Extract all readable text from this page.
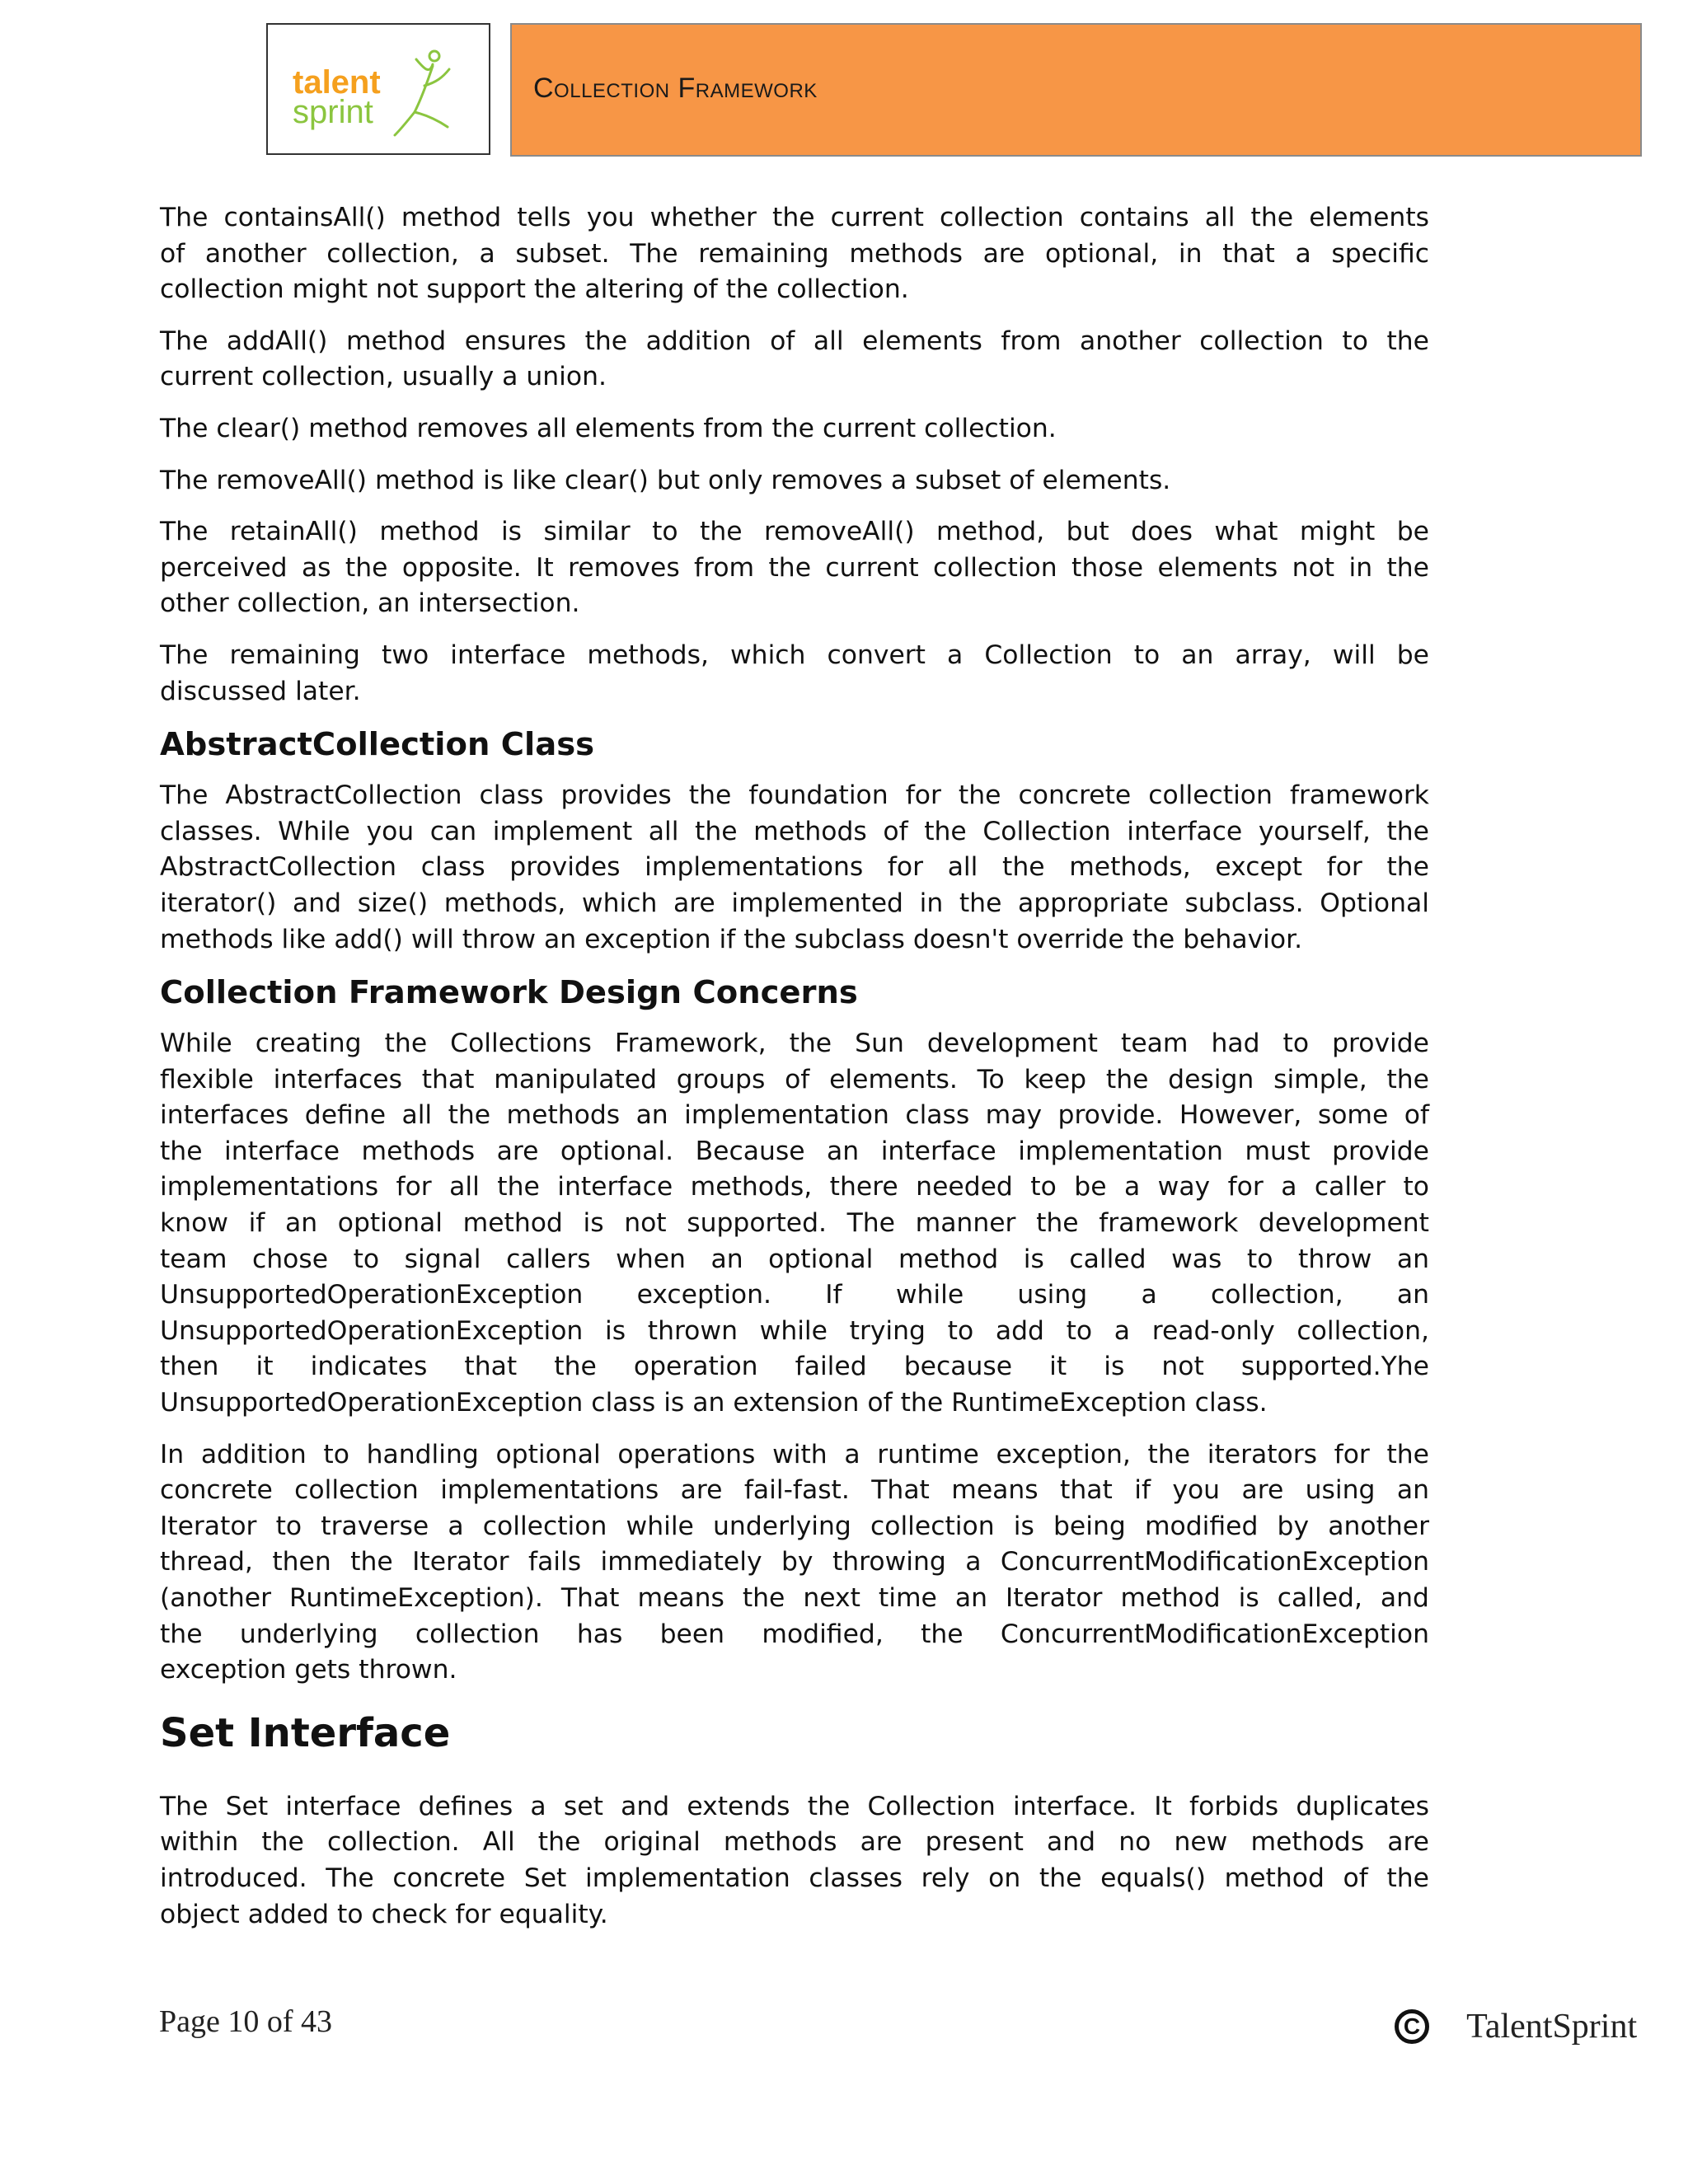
talent
sprint
Collection Framework
The containsAll() method tells you whether the current collection contains all the elements
of another collection, a subset. The remaining methods are optional, in that a specific
collection might not support the altering of the collection.
The addAll() method ensures the addition of all elements from another collection to the
current collection, usually a union.
The clear() method removes all elements from the current collection.
The removeAll() method is like clear() but only removes a subset of elements.
The retainAll() method is similar to the removeAll() method, but does what might be
perceived as the opposite. It removes from the current collection those elements not in the
other collection, an intersection.
The remaining two interface methods, which convert a Collection to an array, will be
discussed later.
AbstractCollection Class
The AbstractCollection class provides the foundation for the concrete collection framework
classes. While you can implement all the methods of the Collection interface yourself, the
AbstractCollection class provides implementations for all the methods, except for the
iterator() and size() methods, which are implemented in the appropriate subclass. Optional
methods like add() will throw an exception if the subclass doesn't override the behavior.
Collection Framework Design Concerns
While creating the Collections Framework, the Sun development team had to provide
flexible interfaces that manipulated groups of elements. To keep the design simple, the
interfaces define all the methods an implementation class may provide. However, some of
the interface methods are optional. Because an interface implementation must provide
implementations for all the interface methods, there needed to be a way for a caller to
know if an optional method is not supported. The manner the framework development
team chose to signal callers when an optional method is called was to throw an
UnsupportedOperationException exception. If while using a collection, an
UnsupportedOperationException is thrown while trying to add to a read-only collection,
then it indicates that the operation failed because it is not supported.Yhe
UnsupportedOperationException class is an extension of the RuntimeException class.
In addition to handling optional operations with a runtime exception, the iterators for the
concrete collection implementations are fail-fast. That means that if you are using an
Iterator to traverse a collection while underlying collection is being modified by another
thread, then the Iterator fails immediately by throwing a ConcurrentModificationException
(another RuntimeException). That means the next time an Iterator method is called, and
the underlying collection has been modified, the ConcurrentModificationException
exception gets thrown.
Set Interface
The Set interface defines a set and extends the Collection interface. It forbids duplicates
within the collection. All the original methods are present and no new methods are
introduced. The concrete Set implementation classes rely on the equals() method of the
object added to check for equality.
Page 10 of 43	C TalentSprint
